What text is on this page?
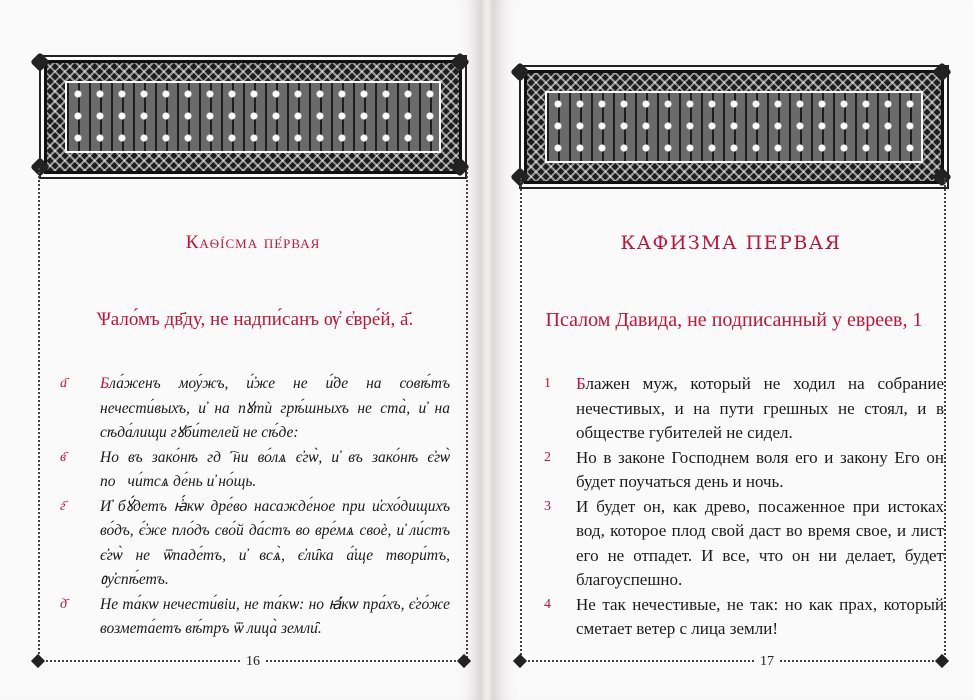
Каѳі́сма пе́рвая
Ѱало́мъ дв҃ду, не надпи́санъ ѹ҆ є҆вре́й, а҃.
а҃ Бла́женъ мѹ́жъ, и҆́же не и҆́де на совѣ́тъ нечести́выхъ, и҆ на пꙋтѝ грѣ́шныхъ не ста̀, и҆ на сѣда́лищи гꙋби́телей не сѣ́де:
в҃ Но въ зако́нѣ гдⷭ҇ни во́лѧ є҆гѡ̀, и҆ въ зако́нѣ є҆гѡ̀ поꙋчи́тсѧ де́нь и҆ но́щь.
г҃ И҆ бꙋ́детъ ꙗ҆́кѡ дре́во насажде́ное при и҆схо́дищихъ во́дъ, є҆́же пло́дъ сво́й да́стъ во вре́мѧ своѐ, и҆ ли́стъ є҆гѡ̀ не ѿпаде́тъ, и҆ всѧ̀, є҆ли̑ка а҆́ще твори́тъ, ᲂу҆спѣ́етъ.
д҃ Не та́кѡ нечести́віи, не та́кѡ: но ꙗ҆́кѡ пра́хъ, є҆го́же возмета́етъ вѣ́тръ ѿ лица̀ земли̑.
16
КАФИЗМА ПЕРВАЯ
Псалом Давида, не подписанный у евреев, 1
1 Блажен муж, который не ходил на собрание нечестивых, и на пути грешных не стоял, и в обществе губителей не сидел.
2 Но в законе Господнем воля его и закону Его он будет поучаться день и ночь.
3 И будет он, как древо, посаженное при истоках вод, которое плод свой даст во время свое, и лист его не отпадет. И все, что он ни делает, будет благоуспешно.
4 Не так нечестивые, не так: но как прах, который сметает ветер с лица земли!
17
